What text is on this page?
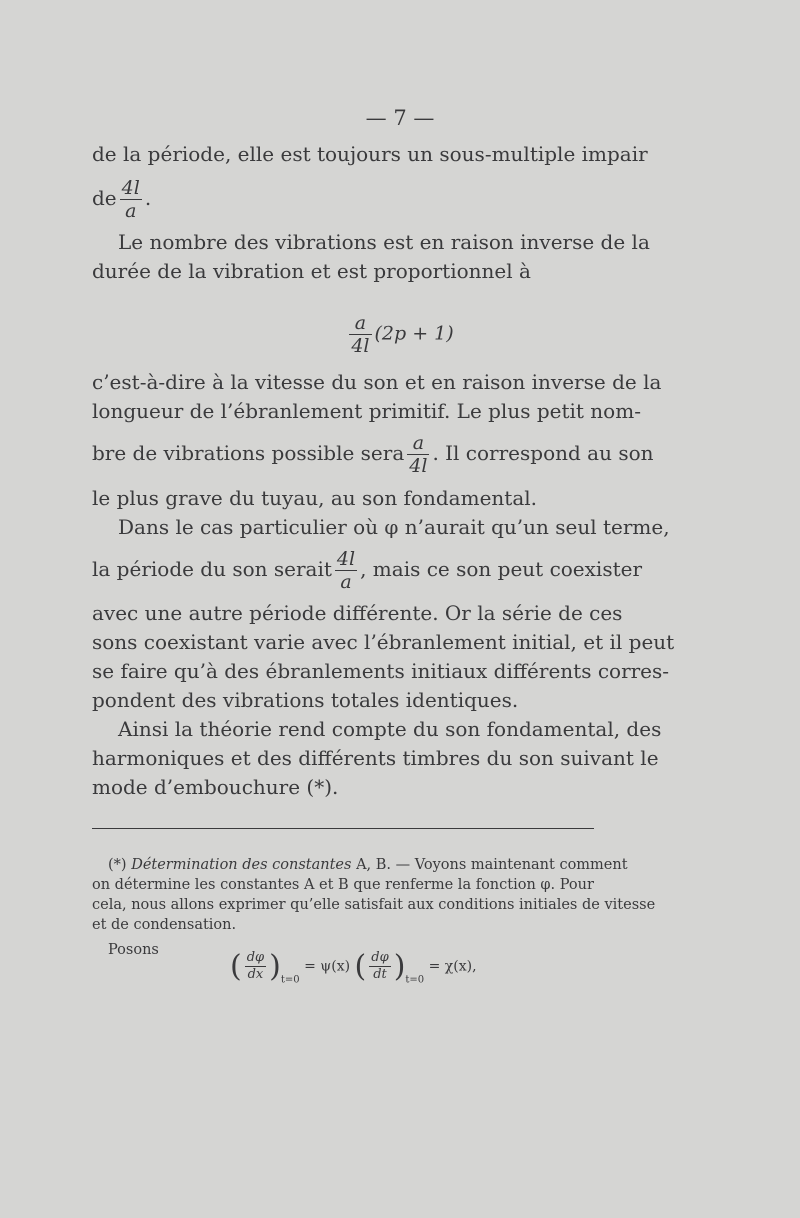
— 7 —
de la période, elle est toujours un sous-multiple impair
de $\frac{4l}{a}$ .
Le nombre des vibrations est en raison inverse de la
durée de la vibration et est proportionnel à
$\frac{a}{4l} (2p + 1)$
c’est-à-dire à la vitesse du son et en raison inverse de la
longueur de l’ébranlement primitif. Le plus petit nom-
bre de vibrations possible sera $\frac{a}{4l}$ . Il correspond au son
le plus grave du tuyau, au son fondamental.
Dans le cas particulier où φ n’aurait qu’un seul terme,
la période du son serait $\frac{4l}{a}$ , mais ce son peut coexister
avec une autre période différente. Or la série de ces
sons coexistant varie avec l’ébranlement initial, et il peut
se faire qu’à des ébranlements initiaux différents corres-
pondent des vibrations totales identiques.
Ainsi la théorie rend compte du son fondamental, des
harmoniques et des différents timbres du son suivant le
mode d’embouchure (*).
(*) Détermination des constantes A, B. — Voyons maintenant comment
on détermine les constantes A et B que renferme la fonction φ. Pour
cela, nous allons exprimer qu’elle satisfait aux conditions initiales de vitesse
et de condensation.
Posons ( $\frac{d\varphi}{dx} )_{t=0} = \psi(x)$ ( $\frac{d\varphi}{dt} )_{t=0} = \chi(x)$,
